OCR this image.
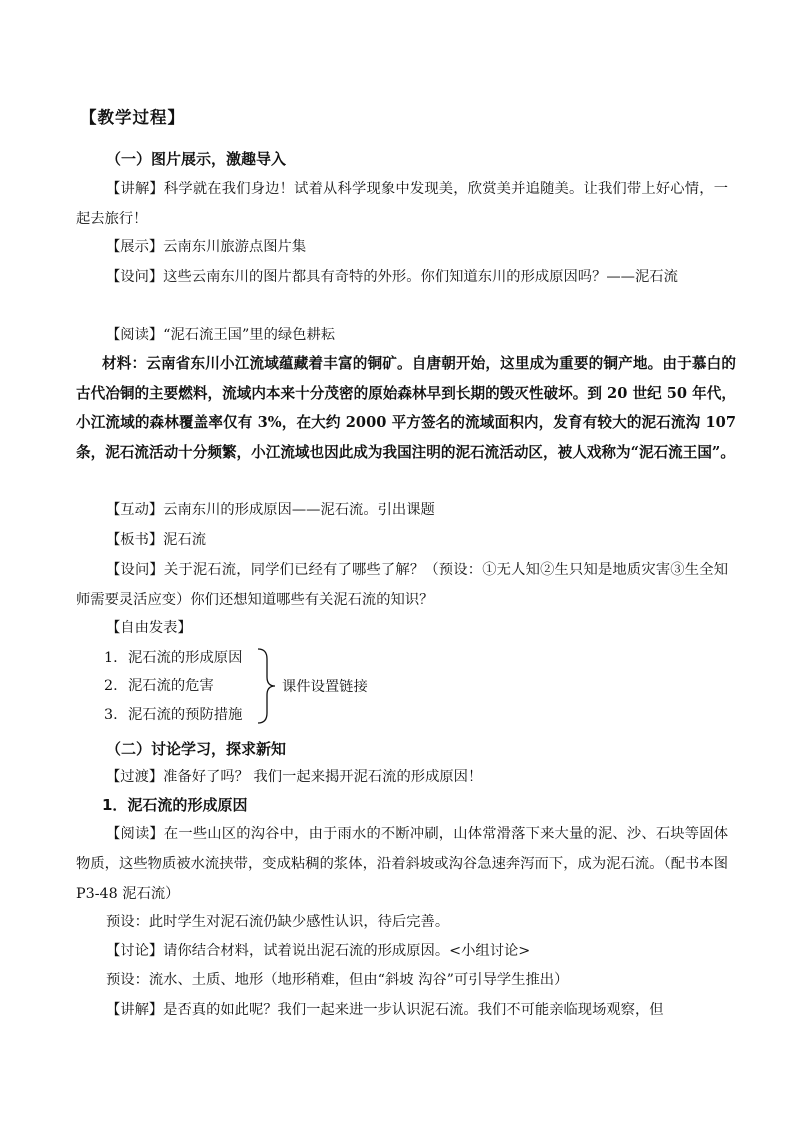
【教学过程】
（一）图片展示，激趣导入
【讲解】科学就在我们身边！试着从科学现象中发现美，欣赏美并追随美。让我们带上好心情，一起去旅行！
【展示】云南东川旅游点图片集
【设问】这些云南东川的图片都具有奇特的外形。你们知道东川的形成原因吗？——泥石流
【阅读】“泥石流王国”里的绿色耕耘
材料：云南省东川小江流域蕴藏着丰富的铜矿。自唐朝开始，这里成为重要的铜产地。由于慕白的古代冶铜的主要燃料，流域内本来十分茂密的原始森林早到长期的毁灭性破坏。到 20 世纪 50 年代，小江流域的森林覆盖率仅有 3%，在大约 2000 平方签名的流域面积内，发育有较大的泥石流沟 107 条，泥石流活动十分频繁，小江流域也因此成为我国注明的泥石流活动区，被人戏称为“泥石流王国”。
【互动】云南东川的形成原因——泥石流。引出课题
【板书】泥石流
【设问】关于泥石流，同学们已经有了哪些了解？（预设：①无人知②生只知是地质灾害③生全知 师需要灵活应变）你们还想知道哪些有关泥石流的知识？
【自由发表】
1. 泥石流的形成原因
2. 泥石流的危害
3. 泥石流的预防措施
课件设置链接
（二）讨论学习，探求新知
【过渡】准备好了吗？ 我们一起来揭开泥石流的形成原因！
1．泥石流的形成原因
【阅读】在一些山区的沟谷中，由于雨水的不断冲刷，山体常滑落下来大量的泥、沙、石块等固体物质，这些物质被水流挟带，变成粘稠的浆体，沿着斜坡或沟谷急速奔泻而下，成为泥石流。（配书本图 P3-48 泥石流）
预设：此时学生对泥石流仍缺少感性认识，待后完善。
【讨论】请你结合材料，试着说出泥石流的形成原因。<小组讨论>
预设：流水、土质、地形（地形稍难，但由“斜坡 沟谷”可引导学生推出）
【讲解】是否真的如此呢？我们一起来进一步认识泥石流。我们不可能亲临现场观察，但
